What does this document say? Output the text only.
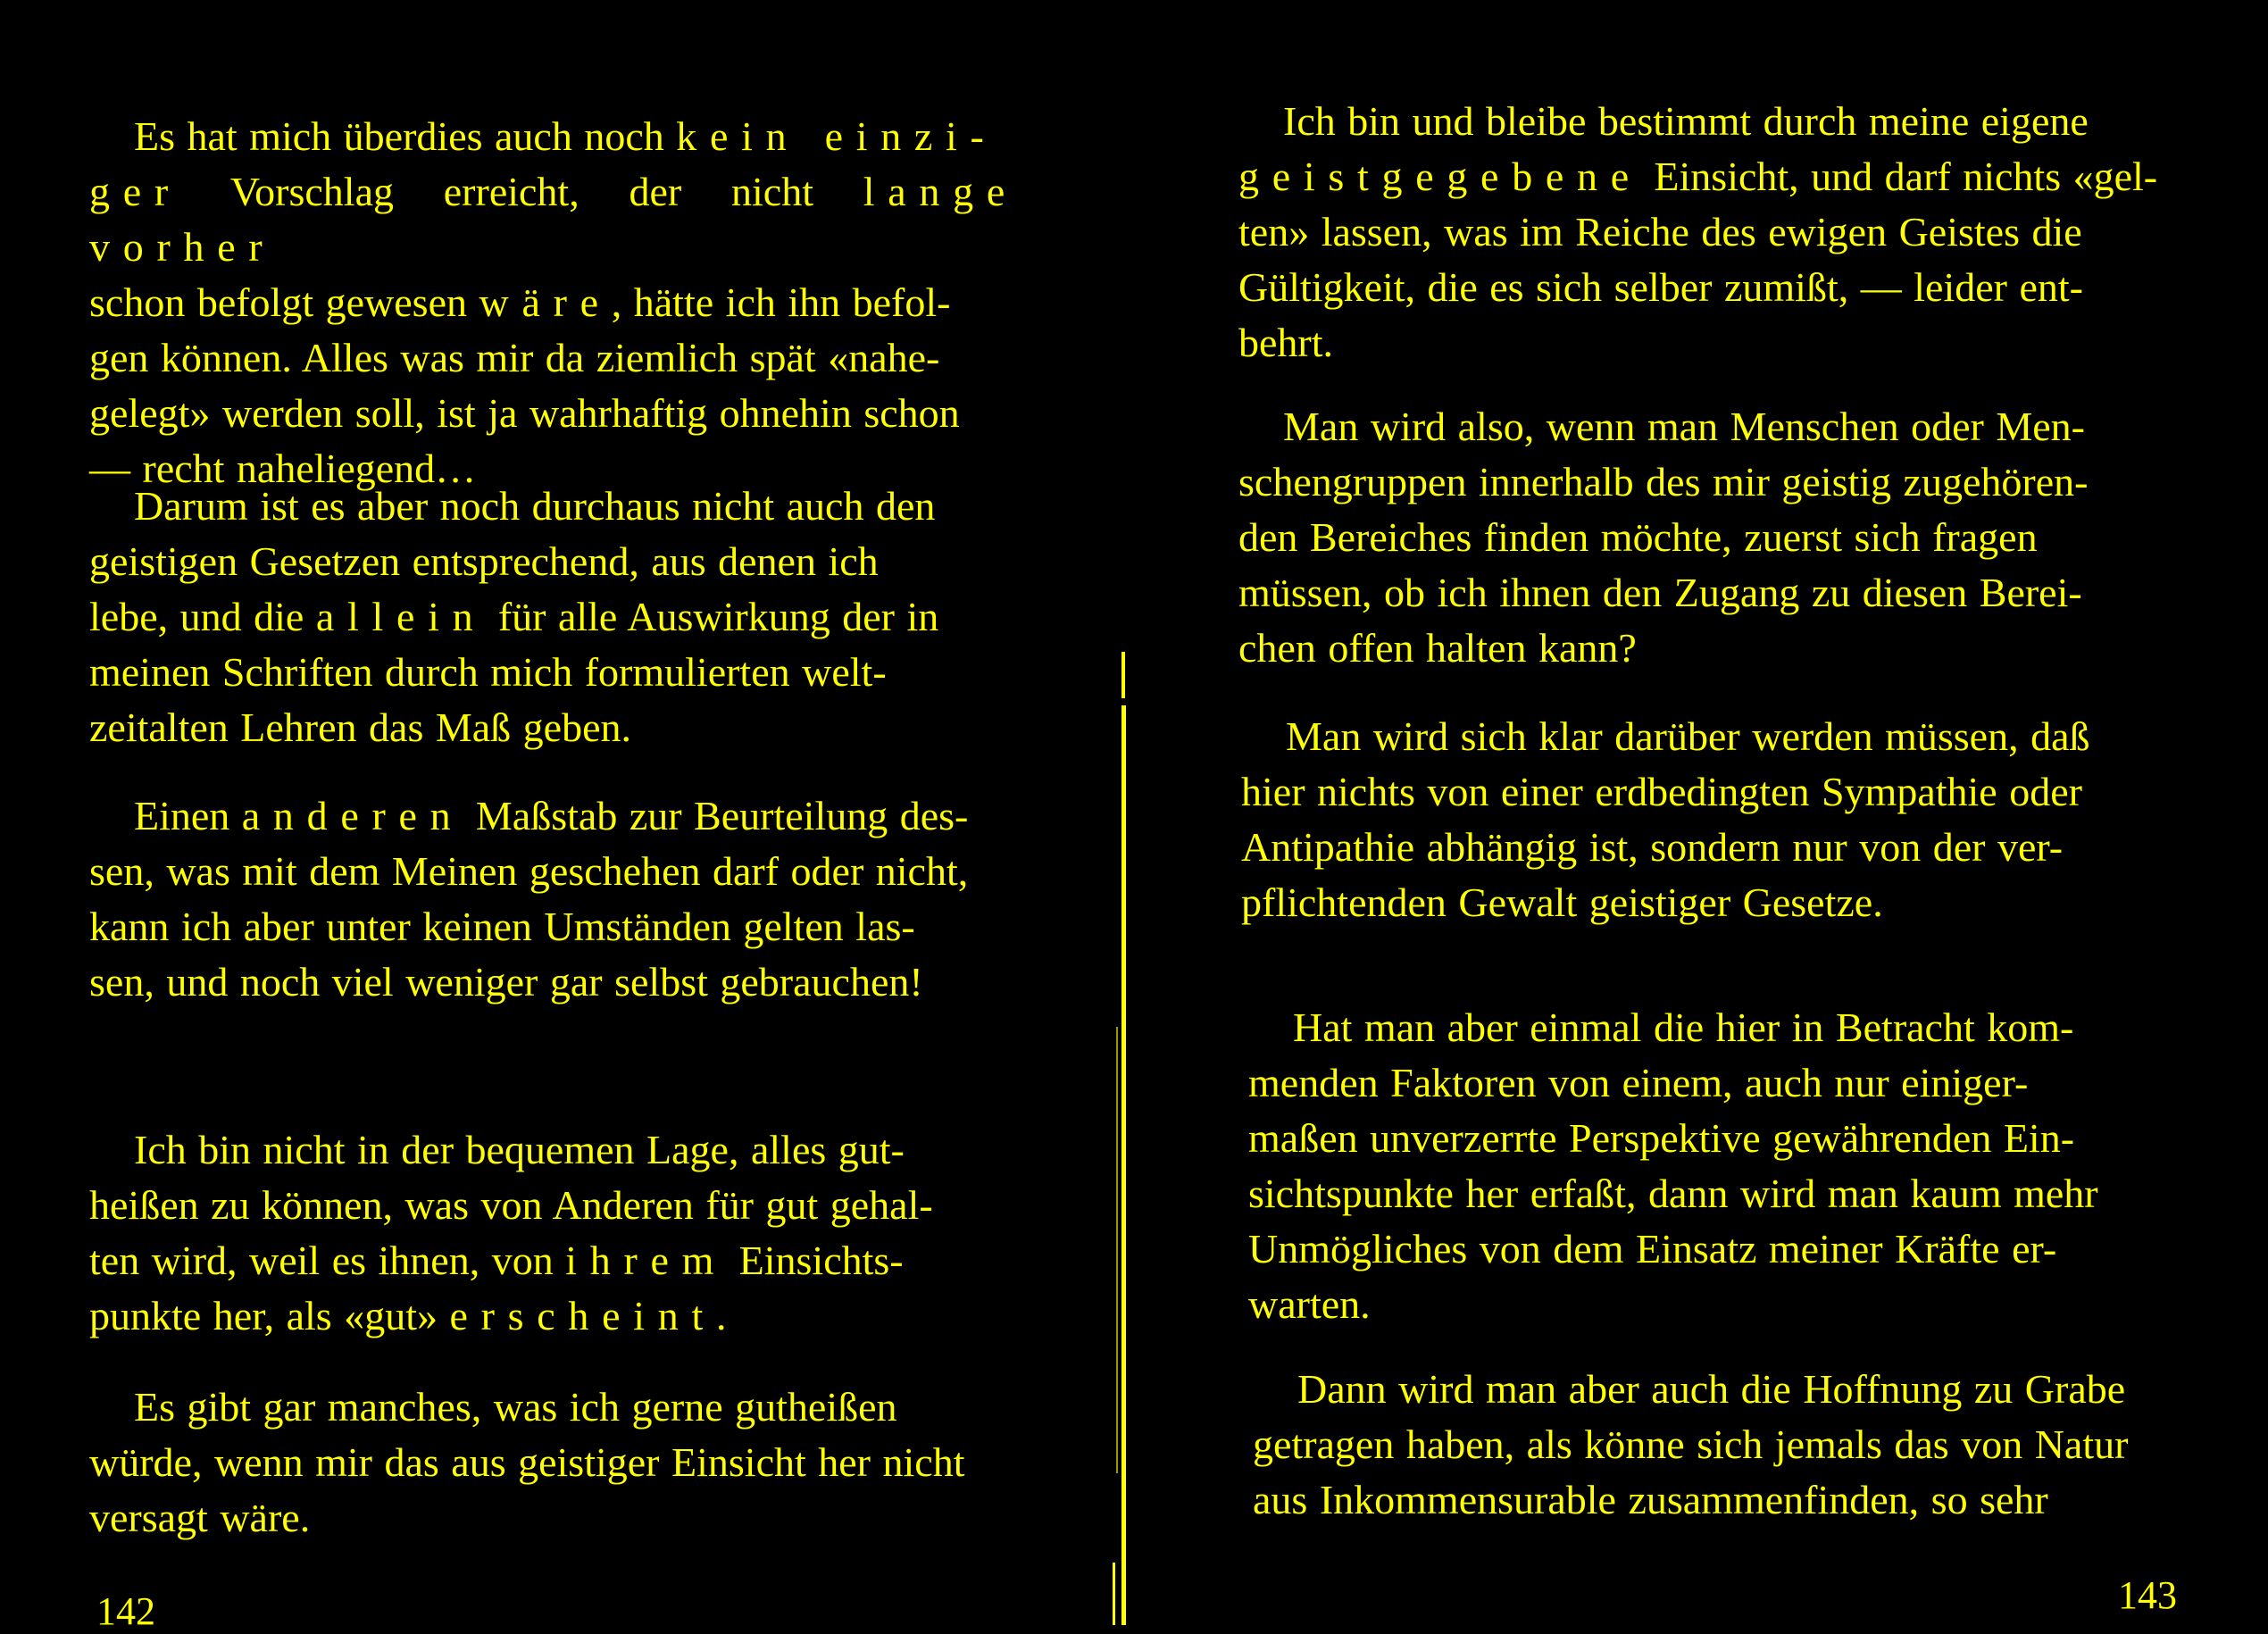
Es hat mich überdies auch noch kein einzi-
ger Vorschlag erreicht, der nicht lange vorher
schon befolgt gewesen wäre, hätte ich ihn befol-
gen können. Alles was mir da ziemlich spät «nahe-
gelegt» werden soll, ist ja wahrhaftig ohnehin schon
— recht naheliegend…

Darum ist es aber noch durchaus nicht auch den
geistigen Gesetzen entsprechend, aus denen ich
lebe, und die allein für alle Auswirkung der in
meinen Schriften durch mich formulierten welt-
zeitalten Lehren das Maß geben.

Einen anderen Maßstab zur Beurteilung des-
sen, was mit dem Meinen geschehen darf oder nicht,
kann ich aber unter keinen Umständen gelten las-
sen, und noch viel weniger gar selbst gebrauchen!

Ich bin nicht in der bequemen Lage, alles gut-
heißen zu können, was von Anderen für gut gehal-
ten wird, weil es ihnen, von ihrem Einsichts-
punkte her, als «gut» erscheint.

Es gibt gar manches, was ich gerne gutheißen
würde, wenn mir das aus geistiger Einsicht her nicht
versagt wäre.

142

Ich bin und bleibe bestimmt durch meine eigene
geistgegebene Einsicht, und darf nichts «gel-
ten» lassen, was im Reiche des ewigen Geistes die
Gültigkeit, die es sich selber zumißt, — leider ent-
behrt.

Man wird also, wenn man Menschen oder Men-
schengruppen innerhalb des mir geistig zugehören-
den Bereiches finden möchte, zuerst sich fragen
müssen, ob ich ihnen den Zugang zu diesen Berei-
chen offen halten kann?

Man wird sich klar darüber werden müssen, daß
hier nichts von einer erdbedingten Sympathie oder
Antipathie abhängig ist, sondern nur von der ver-
pflichtenden Gewalt geistiger Gesetze.

Hat man aber einmal die hier in Betracht kom-
menden Faktoren von einem, auch nur einiger-
maßen unverzerrte Perspektive gewährenden Ein-
sichtspunkte her erfaßt, dann wird man kaum mehr
Unmögliches von dem Einsatz meiner Kräfte er-
warten.

Dann wird man aber auch die Hoffnung zu Grabe
getragen haben, als könne sich jemals das von Natur
aus Inkommensurable zusammenfinden, so sehr

143
